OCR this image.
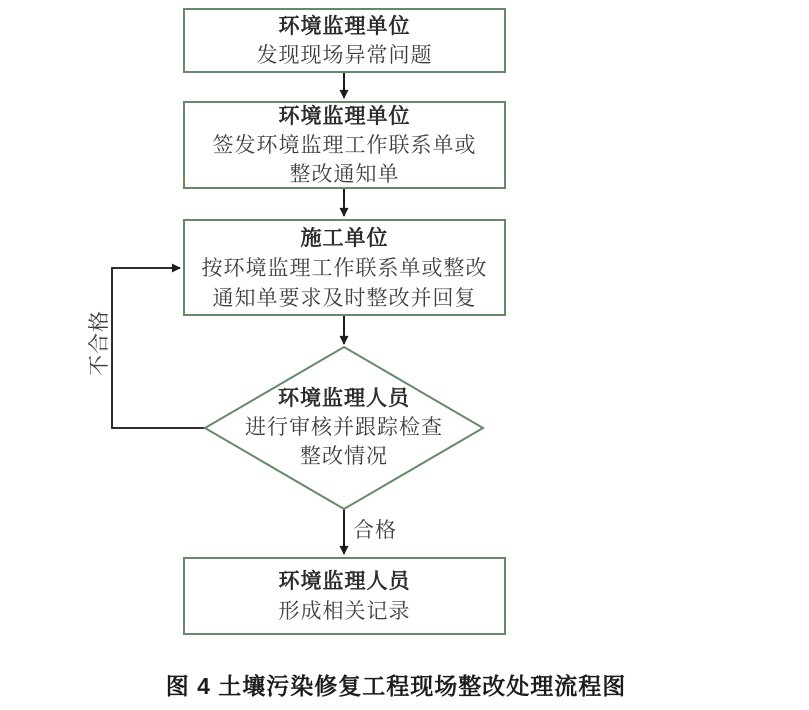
环境监理单位
发现现场异常问题
环境监理单位
签发环境监理工作联系单或
整改通知单
施工单位
按环境监理工作联系单或整改
通知单要求及时整改并回复
环境监理人员
进行审核并跟踪检查
整改情况
环境监理人员
形成相关记录
不合格
合格
图 4 土壤污染修复工程现场整改处理流程图
